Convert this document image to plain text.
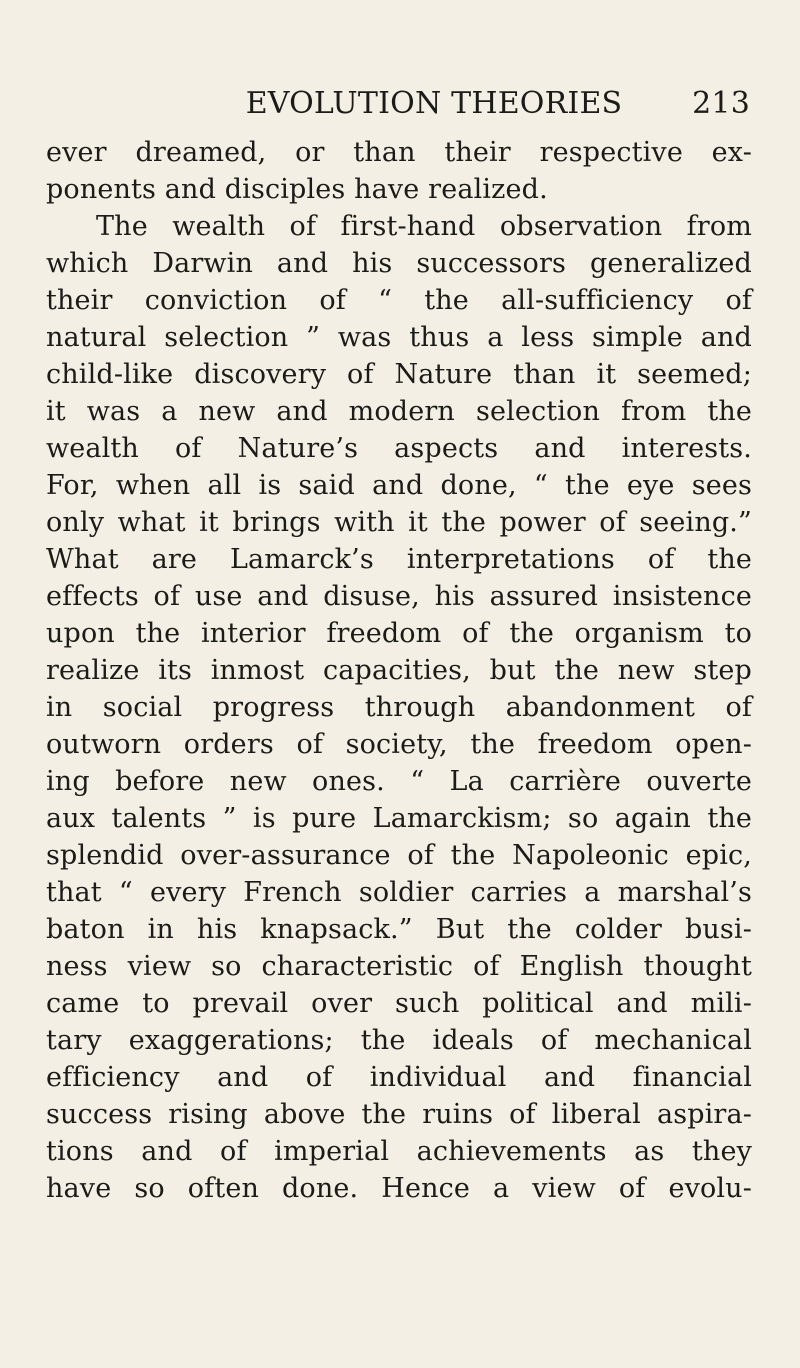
EVOLUTION THEORIES	213
ever dreamed, or than their respective ex-
ponents and disciples have realized.
The wealth of first-hand observation from
which Darwin and his successors generalized
their conviction of “ the all-sufficiency of
natural selection ” was thus a less simple and
child-like discovery of Nature than it seemed;
it was a new and modern selection from the
wealth of Nature’s aspects and interests.
For, when all is said and done, “ the eye sees
only what it brings with it the power of seeing.”
What are Lamarck’s interpretations of the
effects of use and disuse, his assured insistence
upon the interior freedom of the organism to
realize its inmost capacities, but the new step
in social progress through abandonment of
outworn orders of society, the freedom open-
ing before new ones. “ La carrière ouverte
aux talents ” is pure Lamarckism; so again the
splendid over-assurance of the Napoleonic epic,
that “ every French soldier carries a marshal’s
baton in his knapsack.” But the colder busi-
ness view so characteristic of English thought
came to prevail over such political and mili-
tary exaggerations; the ideals of mechanical
efficiency and of individual and financial
success rising above the ruins of liberal aspira-
tions and of imperial achievements as they
have so often done. Hence a view of evolu-
